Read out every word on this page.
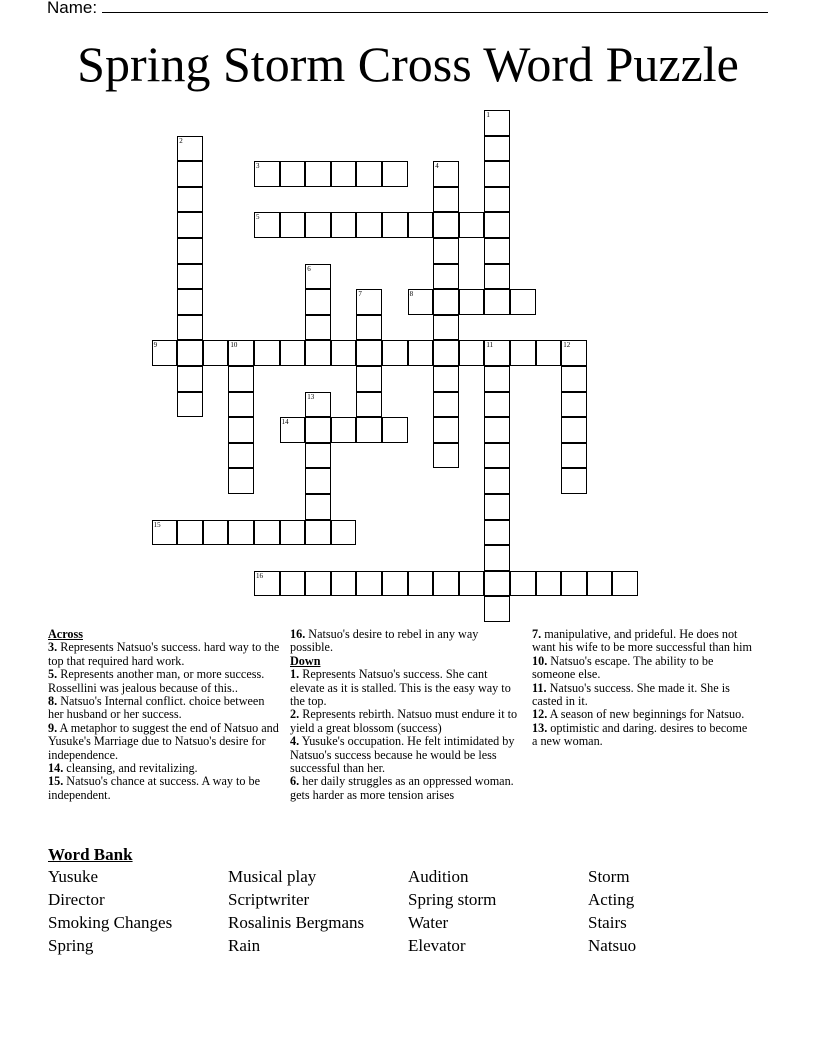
Name:
Spring Storm Cross Word Puzzle
1
2
3	4
5
6
7	8
9	10	11	12
13
14
15
16
Across
3. Represents Natsuo's success. hard way to the top that required hard work.
5. Represents another man, or more success. Rossellini was jealous because of this..
8. Natsuo's Internal conflict. choice between her husband or her success.
9. A metaphor to suggest the end of Natsuo and Yusuke's Marriage due to Natsuo's desire for independence.
14. cleansing, and revitalizing.
15. Natsuo's chance at success. A way to be independent.
16. Natsuo's desire to rebel in any way possible.
Down
1. Represents Natsuo's success. She cant elevate as it is stalled. This is the easy way to the top.
2. Represents rebirth. Natsuo must endure it to yield a great blossom (success)
4. Yusuke's occupation. He felt intimidated by Natsuo's success because he would be less successful than her.
6. her daily struggles as an oppressed woman. gets harder as more tension arises
7. manipulative, and prideful. He does not want his wife to be more successful than him
10. Natsuo's escape. The ability to be someone else.
11. Natsuo's success. She made it. She is casted in it.
12. A season of new beginnings for Natsuo.
13. optimistic and daring. desires to become a new woman.
Word Bank
Yusuke	Musical play	Audition	Storm
Director	Scriptwriter	Spring storm	Acting
Smoking Changes	Rosalinis Bergmans	Water	Stairs
Spring	Rain	Elevator	Natsuo
